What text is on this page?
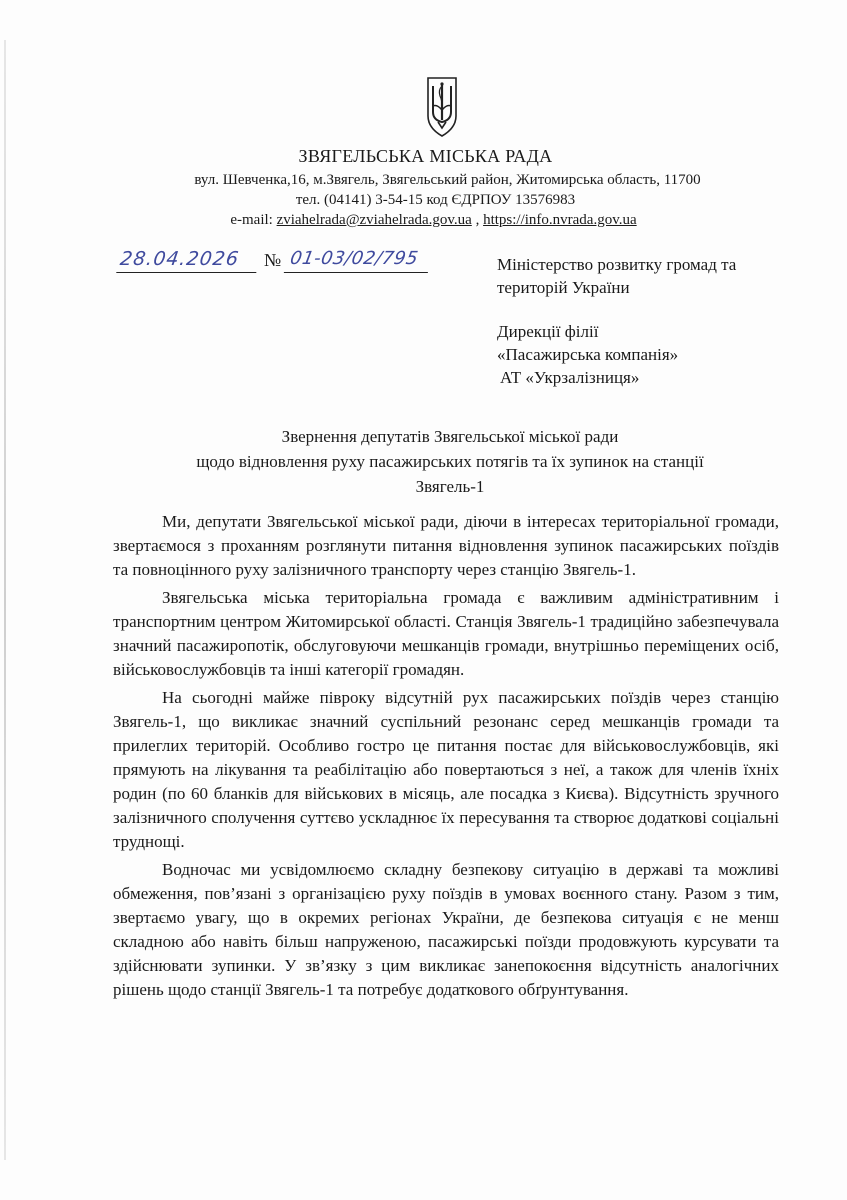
ЗВЯГЕЛЬСЬКА МІСЬКА РАДА
вул. Шевченка,16, м.Звягель, Звягельський район, Житомирська область, 11700
тел. (04141) 3-54-15 код ЄДРПОУ 13576983
e-mail: zviahelrada@zviahelrada.gov.ua , https://info.nvrada.gov.ua
28.04.2026	№ 01-03/02/795	Міністерство розвитку громад та
територій України
Дирекції філії
«Пасажирська компанія»
АТ «Укрзалізниця»
Звернення депутатів Звягельської міської ради
щодо відновлення руху пасажирських потягів та їх зупинок на станції
Звягель-1

Ми, депутати Звягельської міської ради, діючи в інтересах територіальної громади, звертаємося з проханням розглянути питання відновлення зупинок пасажирських поїздів та повноцінного руху залізничного транспорту через станцію Звягель-1.

Звягельська міська територіальна громада є важливим адміністративним і транспортним центром Житомирської області. Станція Звягель-1 традиційно забезпечувала значний пасажиропотік, обслуговуючи мешканців громади, внутрішньо переміщених осіб, військовослужбовців та інші категорії громадян.

На сьогодні майже півроку відсутній рух пасажирських поїздів через станцію Звягель-1, що викликає значний суспільний резонанс серед мешканців громади та прилеглих територій. Особливо гостро це питання постає для військовослужбовців, які прямують на лікування та реабілітацію або повертаються з неї, а також для членів їхніх родин (по 60 бланків для військових в місяць, але посадка з Києва). Відсутність зручного залізничного сполучення суттєво ускладнює їх пересування та створює додаткові соціальні труднощі.

Водночас ми усвідомлюємо складну безпекову ситуацію в державі та можливі обмеження, пов’язані з організацією руху поїздів в умовах воєнного стану. Разом з тим, звертаємо увагу, що в окремих регіонах України, де безпекова ситуація є не менш складною або навіть більш напруженою, пасажирські поїзди продовжують курсувати та здійснювати зупинки. У зв’язку з цим викликає занепокоєння відсутність аналогічних рішень щодо станції Звягель-1 та потребує додаткового обґрунтування.
